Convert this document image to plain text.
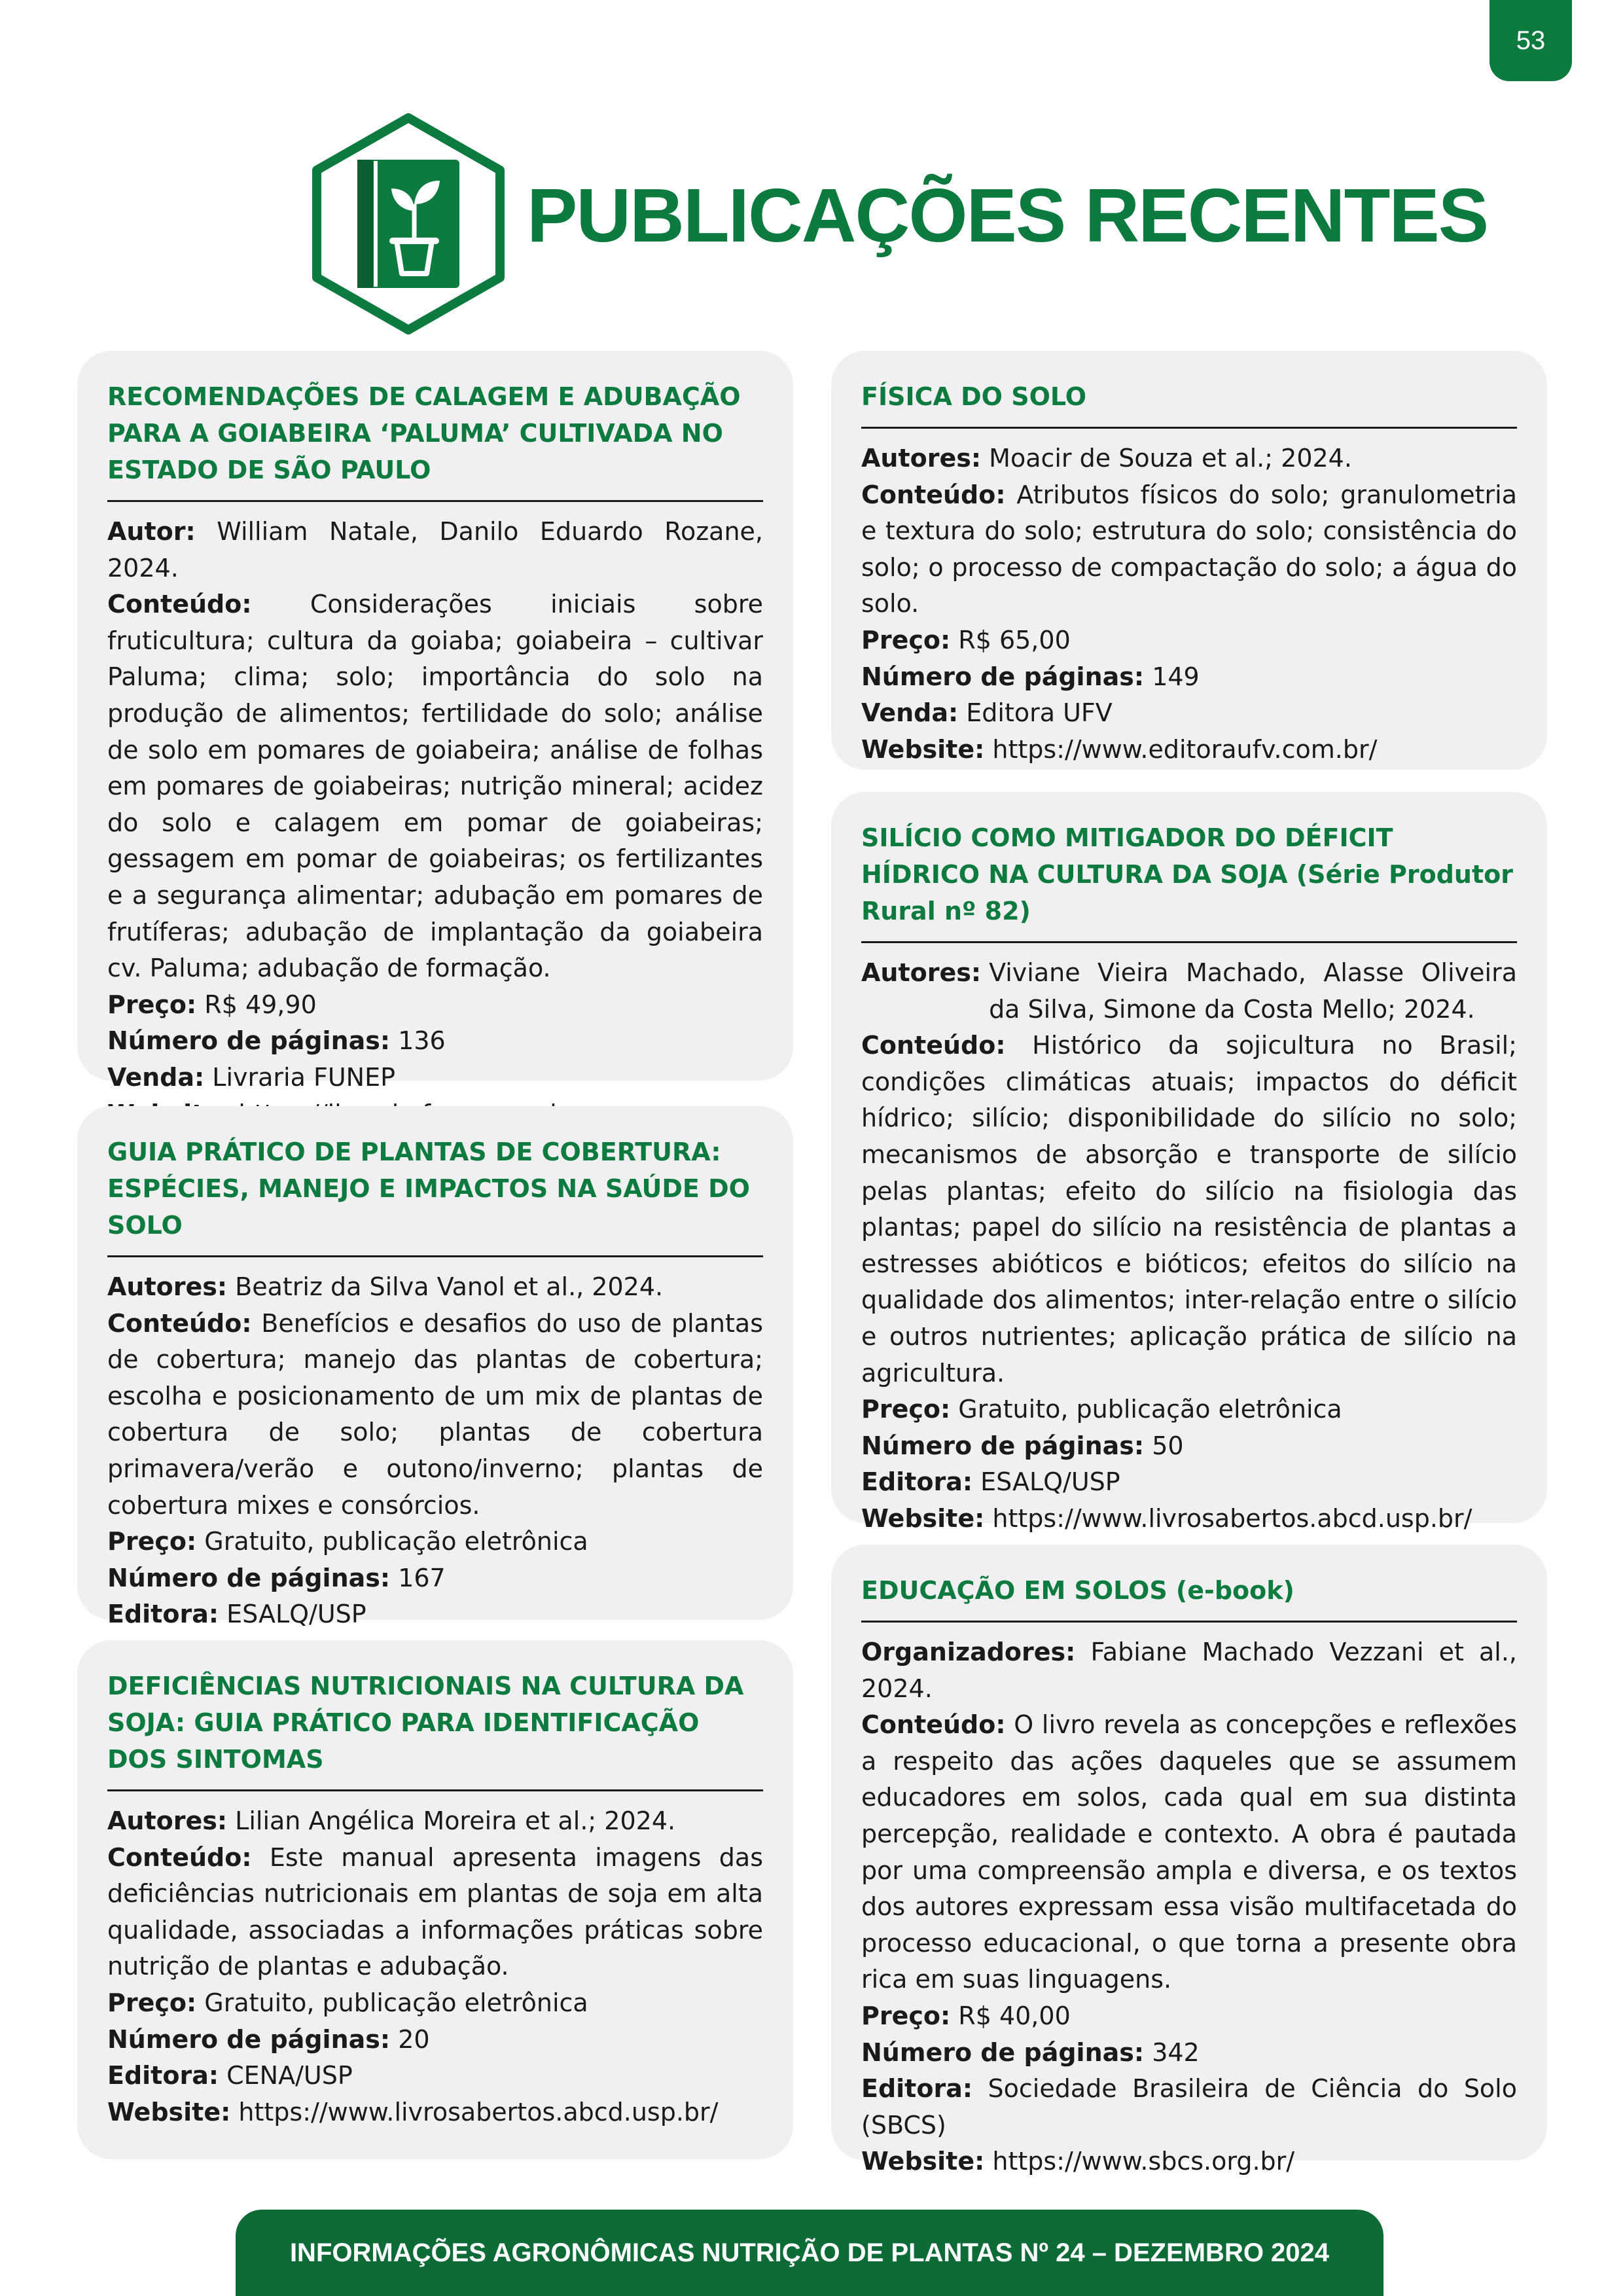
53
PUBLICAÇÕES RECENTES
RECOMENDAÇÕES DE CALAGEM E ADUBAÇÃO PARA A GOIABEIRA ‘PALUMA’ CULTIVADA NO ESTADO DE SÃO PAULO

Autor: William Natale, Danilo Eduardo Rozane, 2024.

Conteúdo: Considerações iniciais sobre fruticultura; cultura da goiaba; goiabeira – cultivar Paluma; clima; solo; importância do solo na produção de alimentos; fertilidade do solo; análise de solo em pomares de goiabeira; análise de folhas em pomares de goiabeiras; nutrição mineral; acidez do solo e calagem em pomar de goiabeiras; gessagem em pomar de goiabeiras; os fertilizantes e a segurança alimentar; adubação em pomares de frutíferas; adubação de implantação da goiabeira cv. Paluma; adubação de formação.

Preço: R$ 49,90

Número de páginas: 136

Venda: Livraria FUNEP

GUIA PRÁTICO DE PLANTAS DE COBERTURA: ESPÉCIES, MANEJO E IMPACTOS NA SAÚDE DO SOLO

Autores: Beatriz da Silva Vanol et al., 2024.

Conteúdo: Benefícios e desafios do uso de plantas de cobertura; manejo das plantas de cobertura; escolha e posicionamento de um mix de plantas de cobertura de solo; plantas de cobertura primavera/verão e outono/inverno; plantas de cobertura mixes e consórcios.

Preço: Gratuito, publicação eletrônica

Número de páginas: 167

Editora: ESALQ/USP

DEFICIÊNCIAS NUTRICIONAIS NA CULTURA DA SOJA: GUIA PRÁTICO PARA IDENTIFICAÇÃO DOS SINTOMAS

Autores: Lilian Angélica Moreira et al.; 2024.

Conteúdo: Este manual apresenta imagens das deficiências nutricionais em plantas de soja em alta qualidade, associadas a informações práticas sobre nutrição de plantas e adubação.

Preço: Gratuito, publicação eletrônica

Número de páginas: 20

Editora: CENA/USP

Website: https://www.livrosabertos.abcd.usp.br/

FÍSICA DO SOLO

Autores: Moacir de Souza et al.; 2024.

Conteúdo: Atributos físicos do solo; granulometria e textura do solo; estrutura do solo; consistência do solo; o processo de compactação do solo; a água do solo.

Preço: R$ 65,00

Número de páginas: 149

Venda: Editora UFV

Website: https://www.editoraufv.com.br/

SILÍCIO COMO MITIGADOR DO DÉFICIT HÍDRICO NA CULTURA DA SOJA (Série Produtor Rural nº 82)

Autores: Viviane Vieira Machado, Alasse Oliveira da Silva, Simone da Costa Mello; 2024.

Conteúdo: Histórico da sojicultura no Brasil; condições climáticas atuais; impactos do déficit hídrico; silício; disponibilidade do silício no solo; mecanismos de absorção e transporte de silício pelas plantas; efeito do silício na fisiologia das plantas; papel do silício na resistência de plantas a estresses abióticos e bióticos; efeitos do silício na qualidade dos alimentos; inter-relação entre o silício e outros nutrientes; aplicação prática de silício na agricultura.

Preço: Gratuito, publicação eletrônica

Número de páginas: 50

Editora: ESALQ/USP

Website: https://www.livrosabertos.abcd.usp.br/

EDUCAÇÃO EM SOLOS (e-book)

Organizadores: Fabiane Machado Vezzani et al., 2024.

Conteúdo: O livro revela as concepções e reflexões a respeito das ações daqueles que se assumem educadores em solos, cada qual em sua distinta percepção, realidade e contexto. A obra é pautada por uma compreensão ampla e diversa, e os textos dos autores expressam essa visão multifacetada do processo educacional, o que torna a presente obra rica em suas linguagens.

Preço: R$ 40,00

Número de páginas: 342

Editora: Sociedade Brasileira de Ciência do Solo (SBCS)

Website: https://www.sbcs.org.br/

INFORMAÇÕES AGRONÔMICAS NUTRIÇÃO DE PLANTAS Nº 24 – DEZEMBRO 2024
